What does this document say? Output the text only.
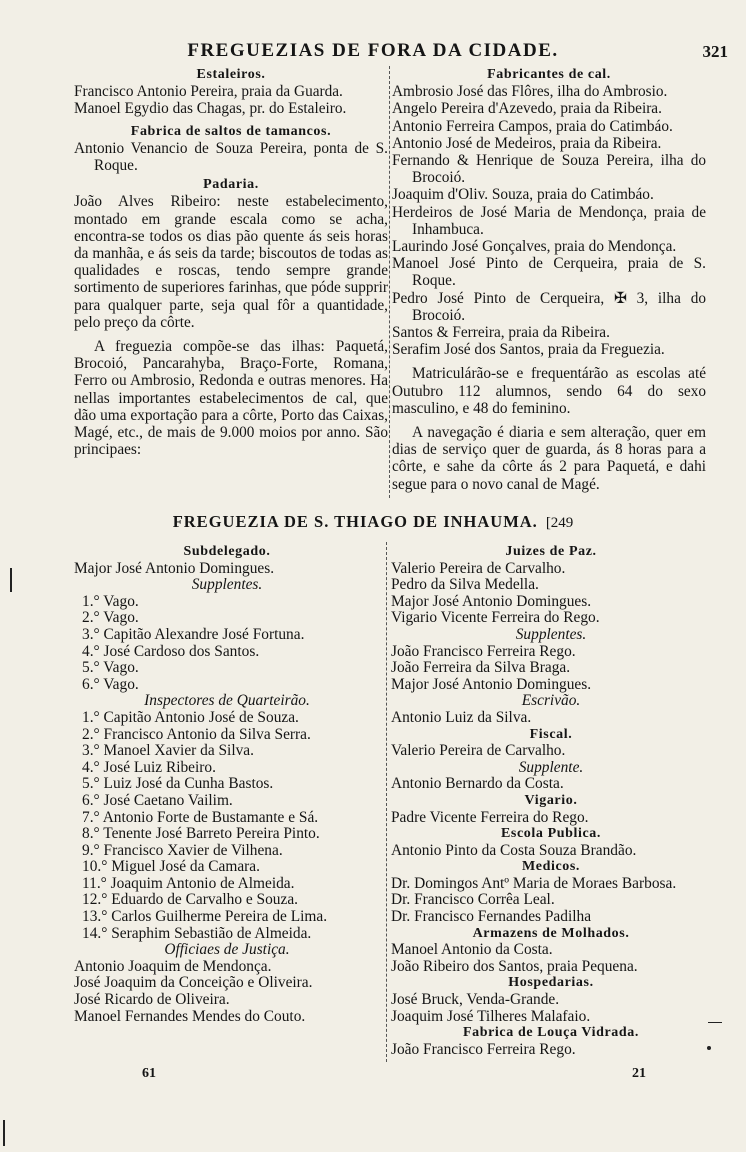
FREGUEZIAS DE FORA DA CIDADE.	321
Estaleiros.
Francisco Antonio Pereira, praia da Guarda.
Manoel Egydio das Chagas, pr. do Estaleiro.
Fabrica de saltos de tamancos.
Antonio Venancio de Souza Pereira, ponta de S. Roque.
Padaria.
João Alves Ribeiro: neste estabelecimento, montado em grande escala como se acha, encontra-se todos os dias pão quente ás seis horas da manhãa, e ás seis da tarde; biscoutos de todas as qualidades e roscas, tendo sempre grande sortimento de superiores farinhas, que póde supprir para qualquer parte, seja qual fôr a quantidade, pelo preço da côrte.
A freguezia compõe-se das ilhas: Paquetá, Brocoió, Pancarahyba, Braço-Forte, Romana, Ferro ou Ambrosio, Redonda e outras menores. Ha nellas importantes estabelecimentos de cal, que dão uma exportação para a côrte, Porto das Caixas, Magé, etc., de mais de 9.000 moios por anno. São principaes:
Fabricantes de cal.
Ambrosio José das Flôres, ilha do Ambrosio.
Angelo Pereira d'Azevedo, praia da Ribeira.
Antonio Ferreira Campos, praia do Catimbáo.
Antonio José de Medeiros, praia da Ribeira.
Fernando & Henrique de Souza Pereira, ilha do Brocoió.
Joaquim d'Oliv. Souza, praia do Catimbáo.
Herdeiros de José Maria de Mendonça, praia de Inhambuca.
Laurindo José Gonçalves, praia do Mendonça.
Manoel José Pinto de Cerqueira, praia de S. Roque.
Pedro José Pinto de Cerqueira, ✠ 3, ilha do Brocoió.
Santos & Ferreira, praia da Ribeira.
Serafim José dos Santos, praia da Freguezia.
Matriculárão-se e frequentárão as escolas até Outubro 112 alumnos, sendo 64 do sexo masculino, e 48 do feminino.
A navegação é diaria e sem alteração, quer em dias de serviço quer de guarda, ás 8 horas para a côrte, e sahe da côrte ás 2 para Paquetá, e dahi segue para o novo canal de Magé.
FREGUEZIA DE S. THIAGO DE INHAUMA. [249
Subdelegado.
Major José Antonio Domingues.
Supplentes.
1.° Vago.
2.° Vago.
3.° Capitão Alexandre José Fortuna.
4.° José Cardoso dos Santos.
5.° Vago.
6.° Vago.
Inspectores de Quarteirão.
1.° Capitão Antonio José de Souza.
2.° Francisco Antonio da Silva Serra.
3.° Manoel Xavier da Silva.
4.° José Luiz Ribeiro.
5.° Luiz José da Cunha Bastos.
6.° José Caetano Vailim.
7.° Antonio Forte de Bustamante e Sá.
8.° Tenente José Barreto Pereira Pinto.
9.° Francisco Xavier de Vilhena.
10.° Miguel José da Camara.
11.° Joaquim Antonio de Almeida.
12.° Eduardo de Carvalho e Souza.
13.° Carlos Guilherme Pereira de Lima.
14.° Seraphim Sebastião de Almeida.
Officiaes de Justiça.
Antonio Joaquim de Mendonça.
José Joaquim da Conceição e Oliveira.
José Ricardo de Oliveira.
Manoel Fernandes Mendes do Couto.
Juizes de Paz.
Valerio Pereira de Carvalho.
Pedro da Silva Medella.
Major José Antonio Domingues.
Vigario Vicente Ferreira do Rego.
Supplentes.
João Francisco Ferreira Rego.
João Ferreira da Silva Braga.
Major José Antonio Domingues.
Escrivão.
Antonio Luiz da Silva.
Fiscal.
Valerio Pereira de Carvalho.
Supplente.
Antonio Bernardo da Costa.
Vigario.
Padre Vicente Ferreira do Rego.
Escola Publica.
Antonio Pinto da Costa Souza Brandão.
Medicos.
Dr. Domingos Antº Maria de Moraes Barbosa.
Dr. Francisco Corrêa Leal.
Dr. Francisco Fernandes Padilha
Armazens de Molhados.
Manoel Antonio da Costa.
João Ribeiro dos Santos, praia Pequena.
Hospedarias.
José Bruck, Venda-Grande.
Joaquim José Tilheres Malafaio.
Fabrica de Louça Vidrada.
João Francisco Ferreira Rego.
61	21
